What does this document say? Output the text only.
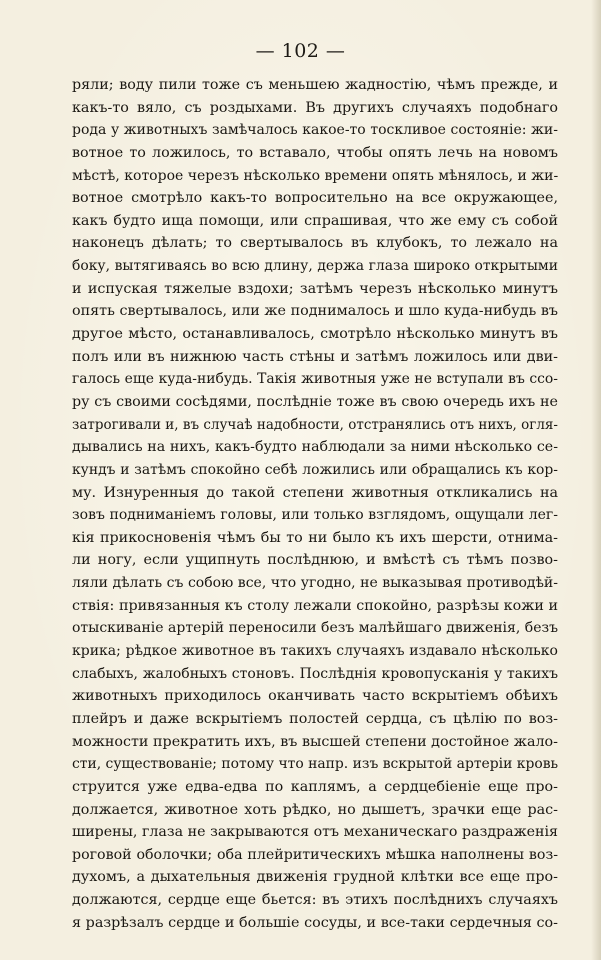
— 102 —
ряли; воду пили тоже съ меньшею жадностію, чѣмъ прежде, и
какъ-то вяло, съ роздыхами. Въ другихъ случаяхъ подобнаго
рода у животныхъ замѣчалось какое-то тоскливое состояніе: жи-
вотное то ложилось, то вставало, чтобы опять лечь на новомъ
мѣстѣ, которое черезъ нѣсколько времени опять мѣнялось, и жи-
вотное смотрѣло какъ-то вопросительно на все окружающее,
какъ будто ища помощи, или спрашивая, что же ему съ собой
наконецъ дѣлать; то свертывалось въ клубокъ, то лежало на
боку, вытягиваясь во всю длину, держа глаза широко открытыми
и испуская тяжелые вздохи; затѣмъ черезъ нѣсколько минутъ
опять свертывалось, или же поднималось и шло куда-нибудь въ
другое мѣсто, останавливалось, смотрѣло нѣсколько минутъ въ
полъ или въ нижнюю часть стѣны и затѣмъ ложилось или дви-
галось еще куда-нибудь. Такія животныя уже не вступали въ ссо-
ру съ своими сосѣдями, послѣдніе тоже въ свою очередь ихъ не
затрогивали и, въ случаѣ надобности, отстранялись отъ нихъ, огля-
дывались на нихъ, какъ-будто наблюдали за ними нѣсколько се-
кундъ и затѣмъ спокойно себѣ ложились или обращались къ кор-
му. Изнуренныя до такой степени животныя откликались на
зовъ подниманіемъ головы, или только взглядомъ, ощущали лег-
кія прикосновенія чѣмъ бы то ни было къ ихъ шерсти, отнима-
ли ногу, если ущипнуть послѣднюю, и вмѣстѣ съ тѣмъ позво-
ляли дѣлать съ собою все, что угодно, не выказывая противодѣй-
ствія: привязанныя къ столу лежали спокойно, разрѣзы кожи и
отыскиваніе артерій переносили безъ малѣйшаго движенія, безъ
крика; рѣдкое животное въ такихъ случаяхъ издавало нѣсколько
слабыхъ, жалобныхъ стоновъ. Послѣднія кровопусканія у такихъ
животныхъ приходилось оканчивать часто вскрытіемъ обѣихъ
плейръ и даже вскрытіемъ полостей сердца, съ цѣлію по воз-
можности прекратить ихъ, въ высшей степени достойное жало-
сти, существованіе; потому что напр. изъ вскрытой артеріи кровь
струится уже едва-едва по каплямъ, а сердцебіеніе еще про-
должается, животное хоть рѣдко, но дышетъ, зрачки еще рас-
ширены, глаза не закрываются отъ механическаго раздраженія
роговой оболочки; оба плейритическихъ мѣшка наполнены воз-
духомъ, а дыхательныя движенія грудной клѣтки все еще про-
должаются, сердце еще бьется: въ этихъ послѣднихъ случаяхъ
я разрѣзалъ сердце и большіе сосуды, и все-таки сердечныя со-
